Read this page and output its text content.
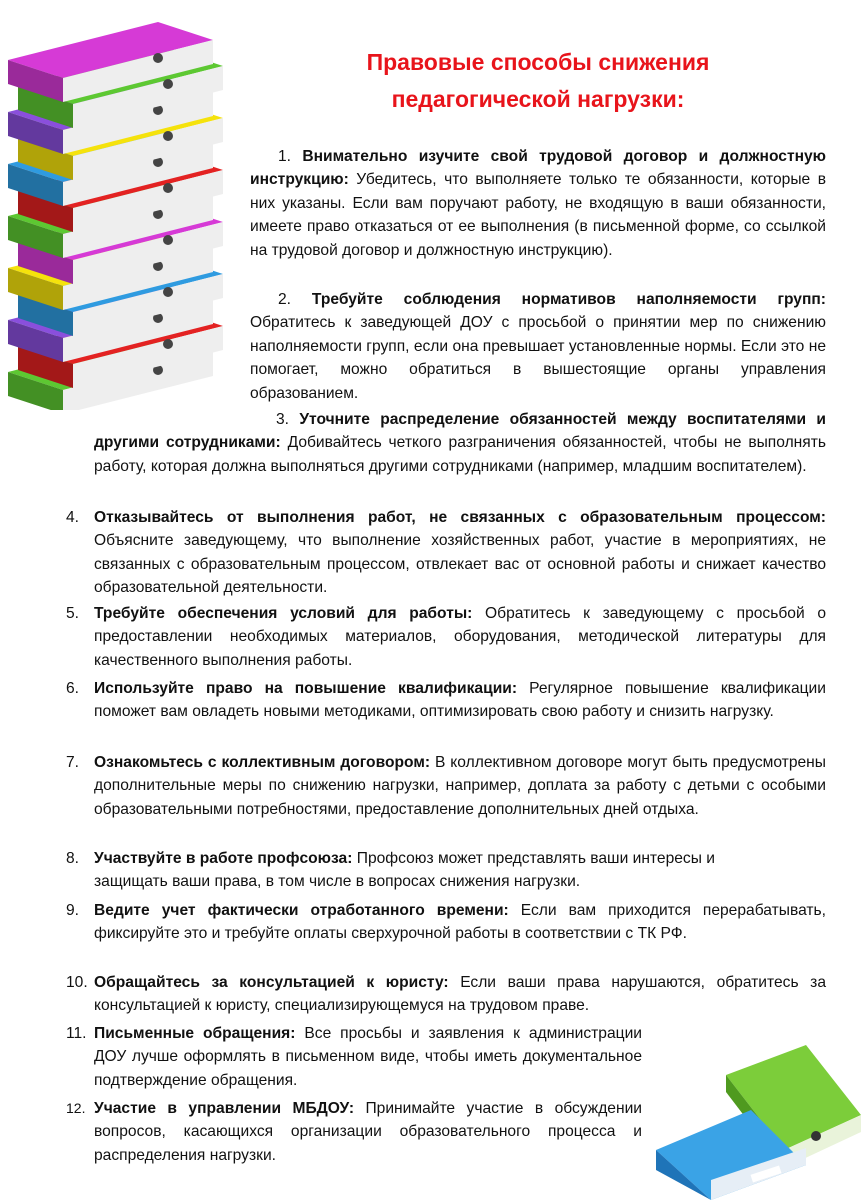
Правовые способы снижения
педагогической нагрузки:

1. Внимательно изучите свой трудовой договор и должностную инструкцию: Убедитесь, что выполняете только те обязанности, которые в них указаны. Если вам поручают работу, не входящую в ваши обязанности, имеете право отказаться от ее выполнения (в письменной форме, со ссылкой на трудовой договор и должностную инструкцию).

2. Требуйте соблюдения нормативов наполняемости групп: Обратитесь к заведующей ДОУ с просьбой о принятии мер по снижению наполняемости групп, если она превышает установленные нормы. Если это не помогает, можно обратиться в вышестоящие органы управления образованием.

3. Уточните распределение обязанностей между воспитателями и другими сотрудниками: Добивайтесь четкого разграничения обязанностей, чтобы не выполнять работу, которая должна выполняться другими сотрудниками (например, младшим воспитателем).

4. Отказывайтесь от выполнения работ, не связанных с образовательным процессом: Объясните заведующему, что выполнение хозяйственных работ, участие в мероприятиях, не связанных с образовательным процессом, отвлекает вас от основной работы и снижает качество образовательной деятельности.

5. Требуйте обеспечения условий для работы: Обратитесь к заведующему с просьбой о предоставлении необходимых материалов, оборудования, методической литературы для качественного выполнения работы.

6. Используйте право на повышение квалификации: Регулярное повышение квалификации поможет вам овладеть новыми методиками, оптимизировать свою работу и снизить нагрузку.

7. Ознакомьтесь с коллективным договором: В коллективном договоре могут быть предусмотрены дополнительные меры по снижению нагрузки, например, доплата за работу с детьми с особыми образовательными потребностями, предоставление дополнительных дней отдыха.

8. Участвуйте в работе профсоюза: Профсоюз может представлять ваши интересы и защищать ваши права, в том числе в вопросах снижения нагрузки.

9. Ведите учет фактически отработанного времени: Если вам приходится перерабатывать, фиксируйте это и требуйте оплаты сверхурочной работы в соответствии с ТК РФ.

10. Обращайтесь за консультацией к юристу: Если ваши права нарушаются, обратитесь за консультацией к юристу, специализирующемуся на трудовом праве.

11. Письменные обращения: Все просьбы и заявления к администрации ДОУ лучше оформлять в письменном виде, чтобы иметь документальное подтверждение обращения.

12. Участие в управлении МБДОУ: Принимайте участие в обсуждении вопросов, касающихся организации образовательного процесса и распределения нагрузки.
